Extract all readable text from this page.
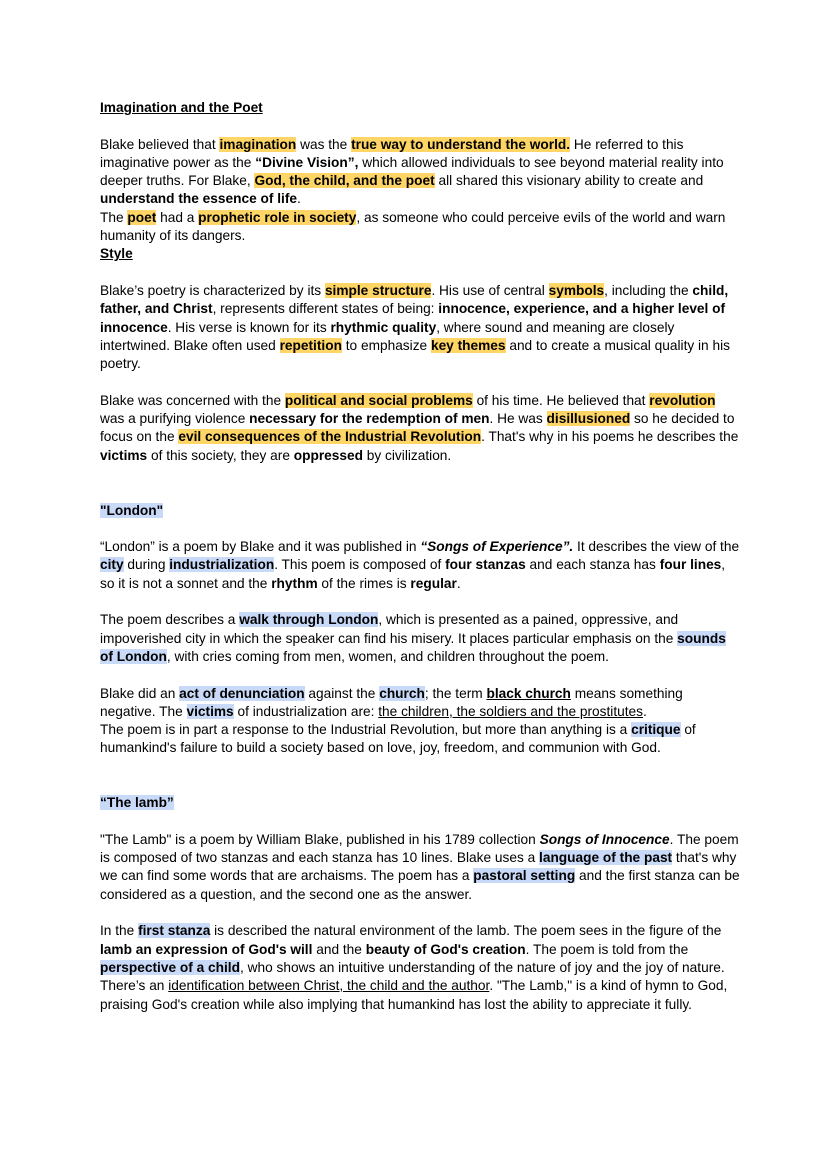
Imagination and the Poet

Blake believed that imagination was the true way to understand the world. He referred to this imaginative power as the “Divine Vision”, which allowed individuals to see beyond material reality into deeper truths. For Blake, God, the child, and the poet all shared this visionary ability to create and understand the essence of life.

The poet had a prophetic role in society, as someone who could perceive evils of the world and warn humanity of its dangers.

Style

Blake’s poetry is characterized by its simple structure. His use of central symbols, including the child, father, and Christ, represents different states of being: innocence, experience, and a higher level of innocence. His verse is known for its rhythmic quality, where sound and meaning are closely intertwined. Blake often used repetition to emphasize key themes and to create a musical quality in his poetry.

Blake was concerned with the political and social problems of his time. He believed that revolution was a purifying violence necessary for the redemption of men. He was disillusioned so he decided to focus on the evil consequences of the Industrial Revolution. That's why in his poems he describes the victims of this society, they are oppressed by civilization.

"London"

“London” is a poem by Blake and it was published in “Songs of Experience”. It describes the view of the city during industrialization. This poem is composed of four stanzas and each stanza has four lines, so it is not a sonnet and the rhythm of the rimes is regular.

The poem describes a walk through London, which is presented as a pained, oppressive, and impoverished city in which the speaker can find his misery. It places particular emphasis on the sounds of London, with cries coming from men, women, and children throughout the poem.

Blake did an act of denunciation against the church; the term black church means something negative. The victims of industrialization are: the children, the soldiers and the prostitutes.

The poem is in part a response to the Industrial Revolution, but more than anything is a critique of humankind's failure to build a society based on love, joy, freedom, and communion with God.

“The lamb”

"The Lamb" is a poem by William Blake, published in his 1789 collection Songs of Innocence. The poem is composed of two stanzas and each stanza has 10 lines. Blake uses a language of the past that's why we can find some words that are archaisms. The poem has a pastoral setting and the first stanza can be considered as a question, and the second one as the answer.

In the first stanza is described the natural environment of the lamb. The poem sees in the figure of the lamb an expression of God's will and the beauty of God's creation. The poem is told from the perspective of a child, who shows an intuitive understanding of the nature of joy and the joy of nature. There’s an identification between Christ, the child and the author. "The Lamb," is a kind of hymn to God, praising God's creation while also implying that humankind has lost the ability to appreciate it fully.
